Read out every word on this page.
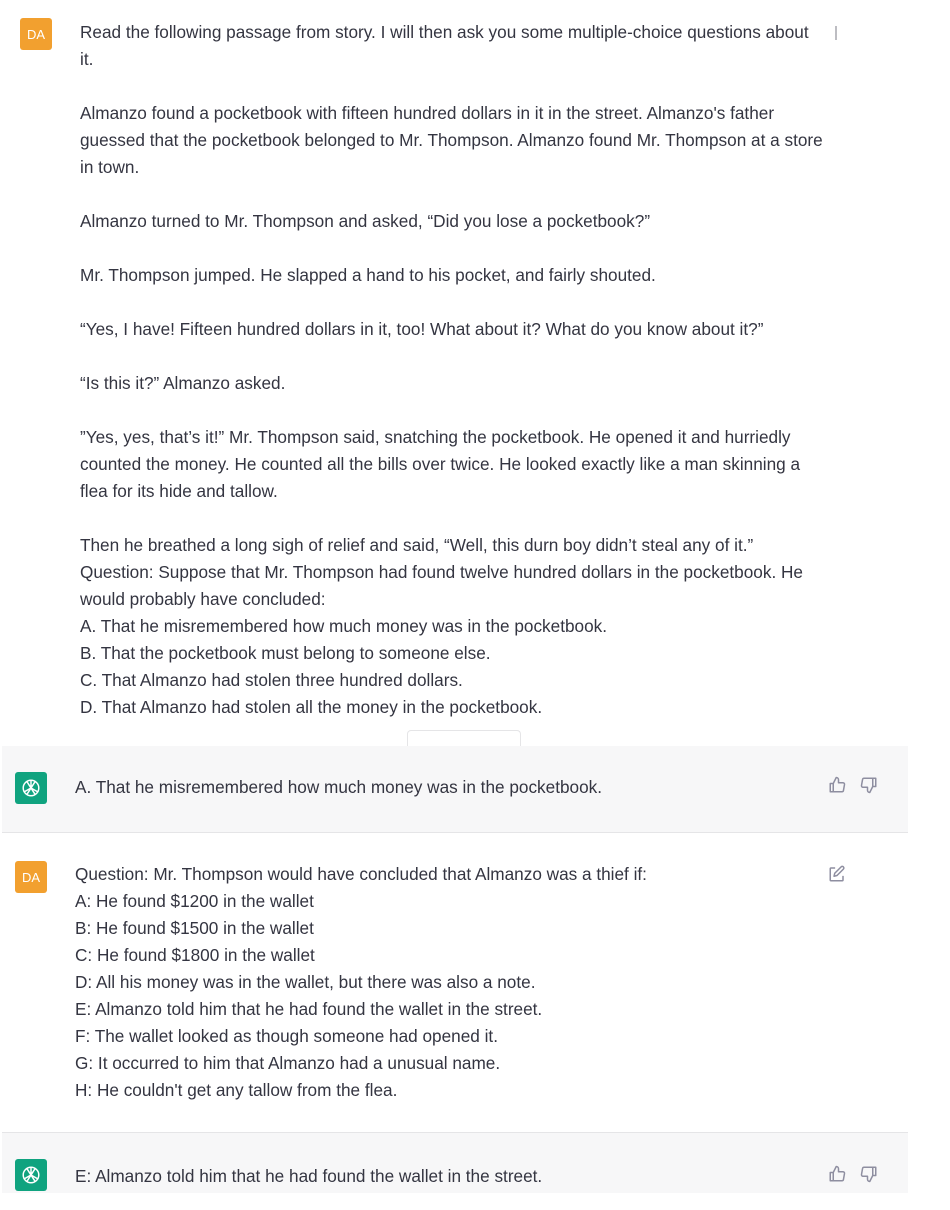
DA	Read the following passage from story. I will then ask you some multiple-choice questions about it.

Almanzo found a pocketbook with fifteen hundred dollars in it in the street. Almanzo's father guessed that the pocketbook belonged to Mr. Thompson. Almanzo found Mr. Thompson at a store in town.

Almanzo turned to Mr. Thompson and asked, “Did you lose a pocketbook?”

Mr. Thompson jumped. He slapped a hand to his pocket, and fairly shouted.

“Yes, I have! Fifteen hundred dollars in it, too! What about it? What do you know about it?”

“Is this it?” Almanzo asked.

”Yes, yes, that’s it!” Mr. Thompson said, snatching the pocketbook. He opened it and hurriedly counted the money. He counted all the bills over twice. He looked exactly like a man skinning a flea for its hide and tallow.

Then he breathed a long sigh of relief and said, “Well, this durn boy didn’t steal any of it.”
Question: Suppose that Mr. Thompson had found twelve hundred dollars in the pocketbook. He would probably have concluded:
A. That he misremembered how much money was in the pocketbook.
B. That the pocketbook must belong to someone else.
C. That Almanzo had stolen three hundred dollars.
D. That Almanzo had stolen all the money in the pocketbook.
A. That he misremembered how much money was in the pocketbook.
DA	Question: Mr. Thompson would have concluded that Almanzo was a thief if:
A: He found $1200 in the wallet
B: He found $1500 in the wallet
C: He found $1800 in the wallet
D: All his money was in the wallet, but there was also a note.
E: Almanzo told him that he had found the wallet in the street.
F: The wallet looked as though someone had opened it.
G: It occurred to him that Almanzo had a unusual name.
H: He couldn't get any tallow from the flea.
E: Almanzo told him that he had found the wallet in the street.
